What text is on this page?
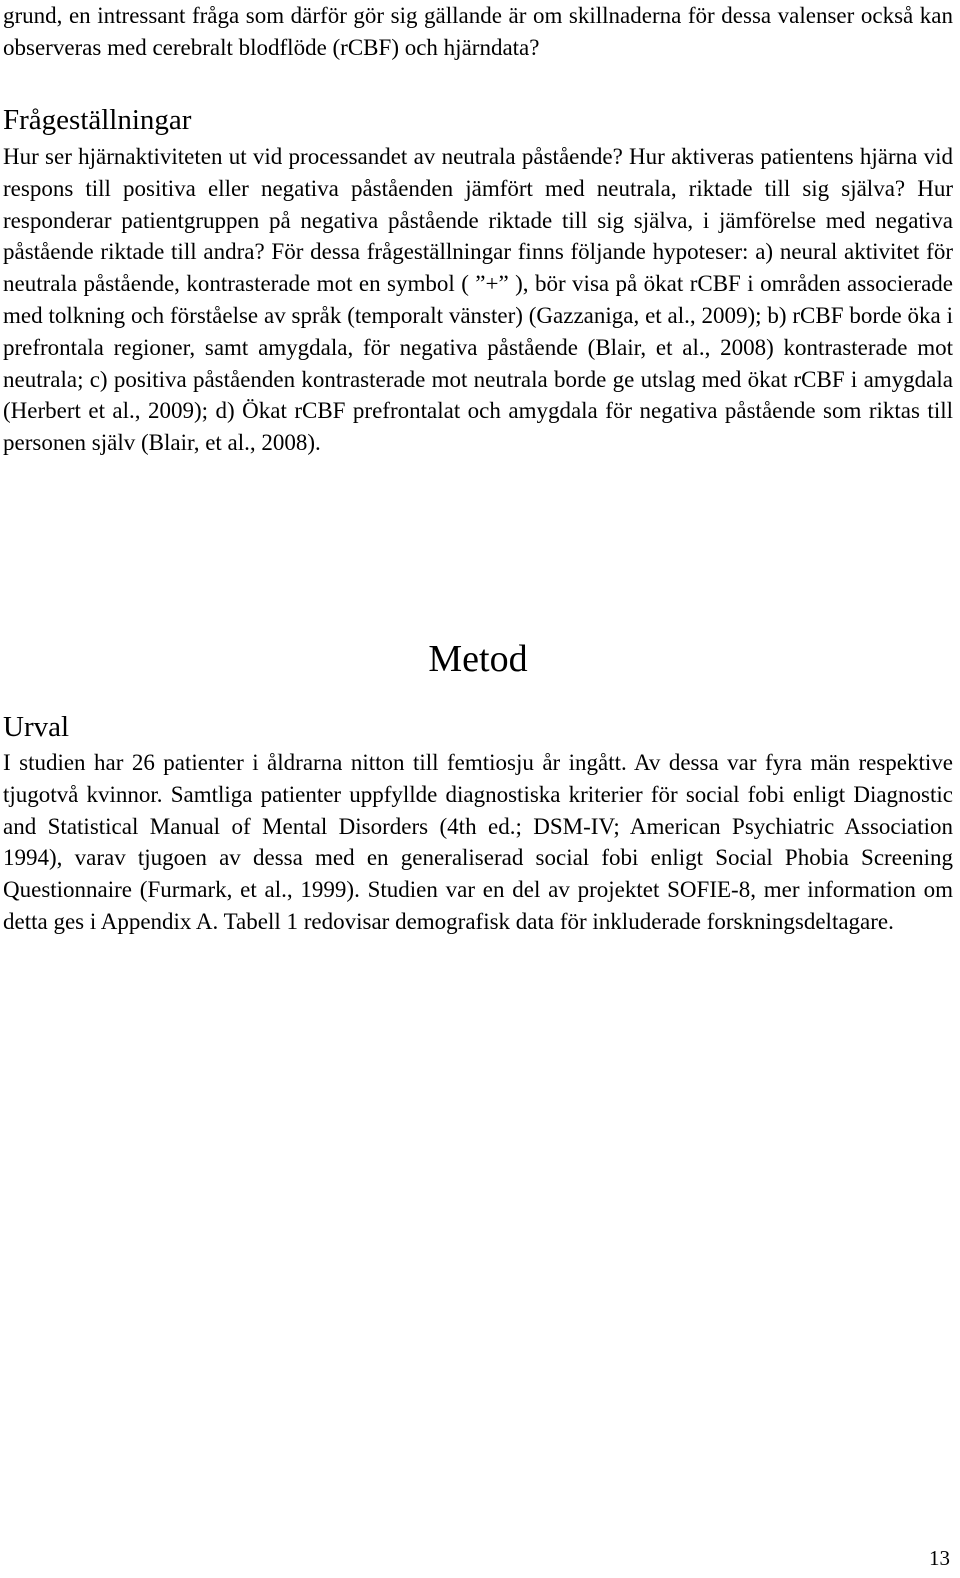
grund, en intressant fråga som därför gör sig gällande är om skillnaderna för dessa valenser också kan observeras med cerebralt blodflöde (rCBF) och hjärndata?

Frågeställningar

Hur ser hjärnaktiviteten ut vid processandet av neutrala påstående? Hur aktiveras patientens hjärna vid respons till positiva eller negativa påståenden jämfört med neutrala, riktade till sig själva? Hur responderar patientgruppen på negativa påstående riktade till sig själva, i jämförelse med negativa påstående riktade till andra? För dessa frågeställningar finns följande hypoteser: a) neural aktivitet för neutrala påstående, kontrasterade mot en symbol ( ”+” ), bör visa på ökat rCBF i områden associerade med tolkning och förståelse av språk (temporalt vänster) (Gazzaniga, et al., 2009); b) rCBF borde öka i prefrontala regioner, samt amygdala, för negativa påstående (Blair, et al., 2008) kontrasterade mot neutrala; c) positiva påståenden kontrasterade mot neutrala borde ge utslag med ökat rCBF i amygdala (Herbert et al., 2009); d) Ökat rCBF prefrontalat och amygdala för negativa påstående som riktas till personen själv (Blair, et al., 2008).

Metod
Urval

I studien har 26 patienter i åldrarna nitton till femtiosju år ingått. Av dessa var fyra män respektive tjugotvå kvinnor. Samtliga patienter uppfyllde diagnostiska kriterier för social fobi enligt Diagnostic and Statistical Manual of Mental Disorders (4th ed.; DSM-IV; American Psychiatric Association 1994), varav tjugoen av dessa med en generaliserad social fobi enligt Social Phobia Screening Questionnaire (Furmark, et al., 1999). Studien var en del av projektet SOFIE-8, mer information om detta ges i Appendix A. Tabell 1 redovisar demografisk data för inkluderade forskningsdeltagare.

13
